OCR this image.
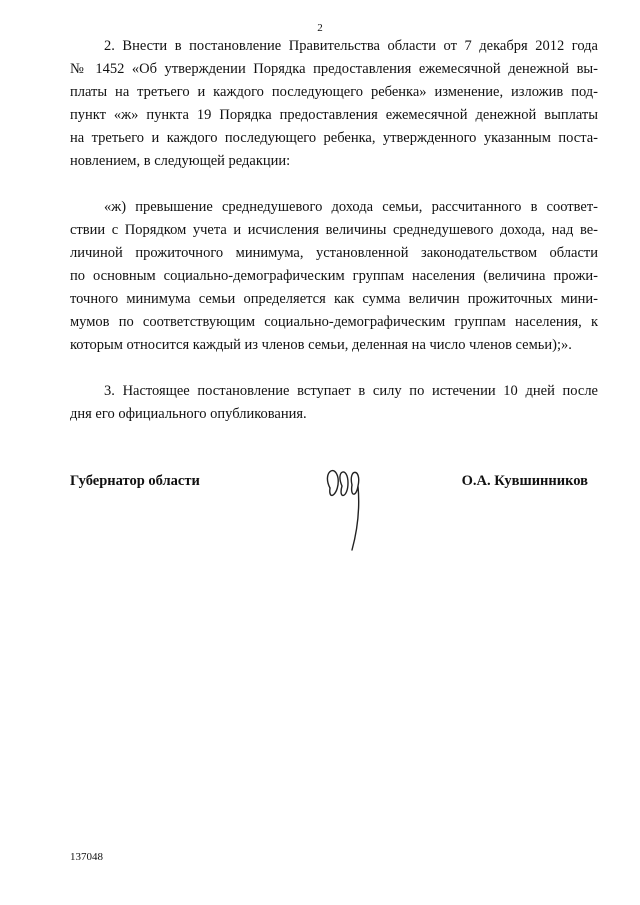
2
2. Внести в постановление Правительства области от 7 декабря 2012 года
№ 1452 «Об утверждении Порядка предоставления ежемесячной денежной вы-
платы на третьего и каждого последующего ребенка» изменение, изложив под-
пункт «ж» пункта 19 Порядка предоставления ежемесячной денежной выплаты
на третьего и каждого последующего ребенка, утвержденного указанным поста-
новлением, в следующей редакции:
«ж) превышение среднедушевого дохода семьи, рассчитанного в соответ-
ствии с Порядком учета и исчисления величины среднедушевого дохода, над ве-
личиной прожиточного минимума, установленной законодательством области
по основным социально-демографическим группам населения (величина прожи-
точного минимума семьи определяется как сумма величин прожиточных мини-
мумов по соответствующим социально-демографическим группам населения, к
которым относится каждый из членов семьи, деленная на число членов семьи);».
3. Настоящее постановление вступает в силу по истечении 10 дней после
дня его официального опубликования.
Губернатор области	О.А. Кувшинников
137048
